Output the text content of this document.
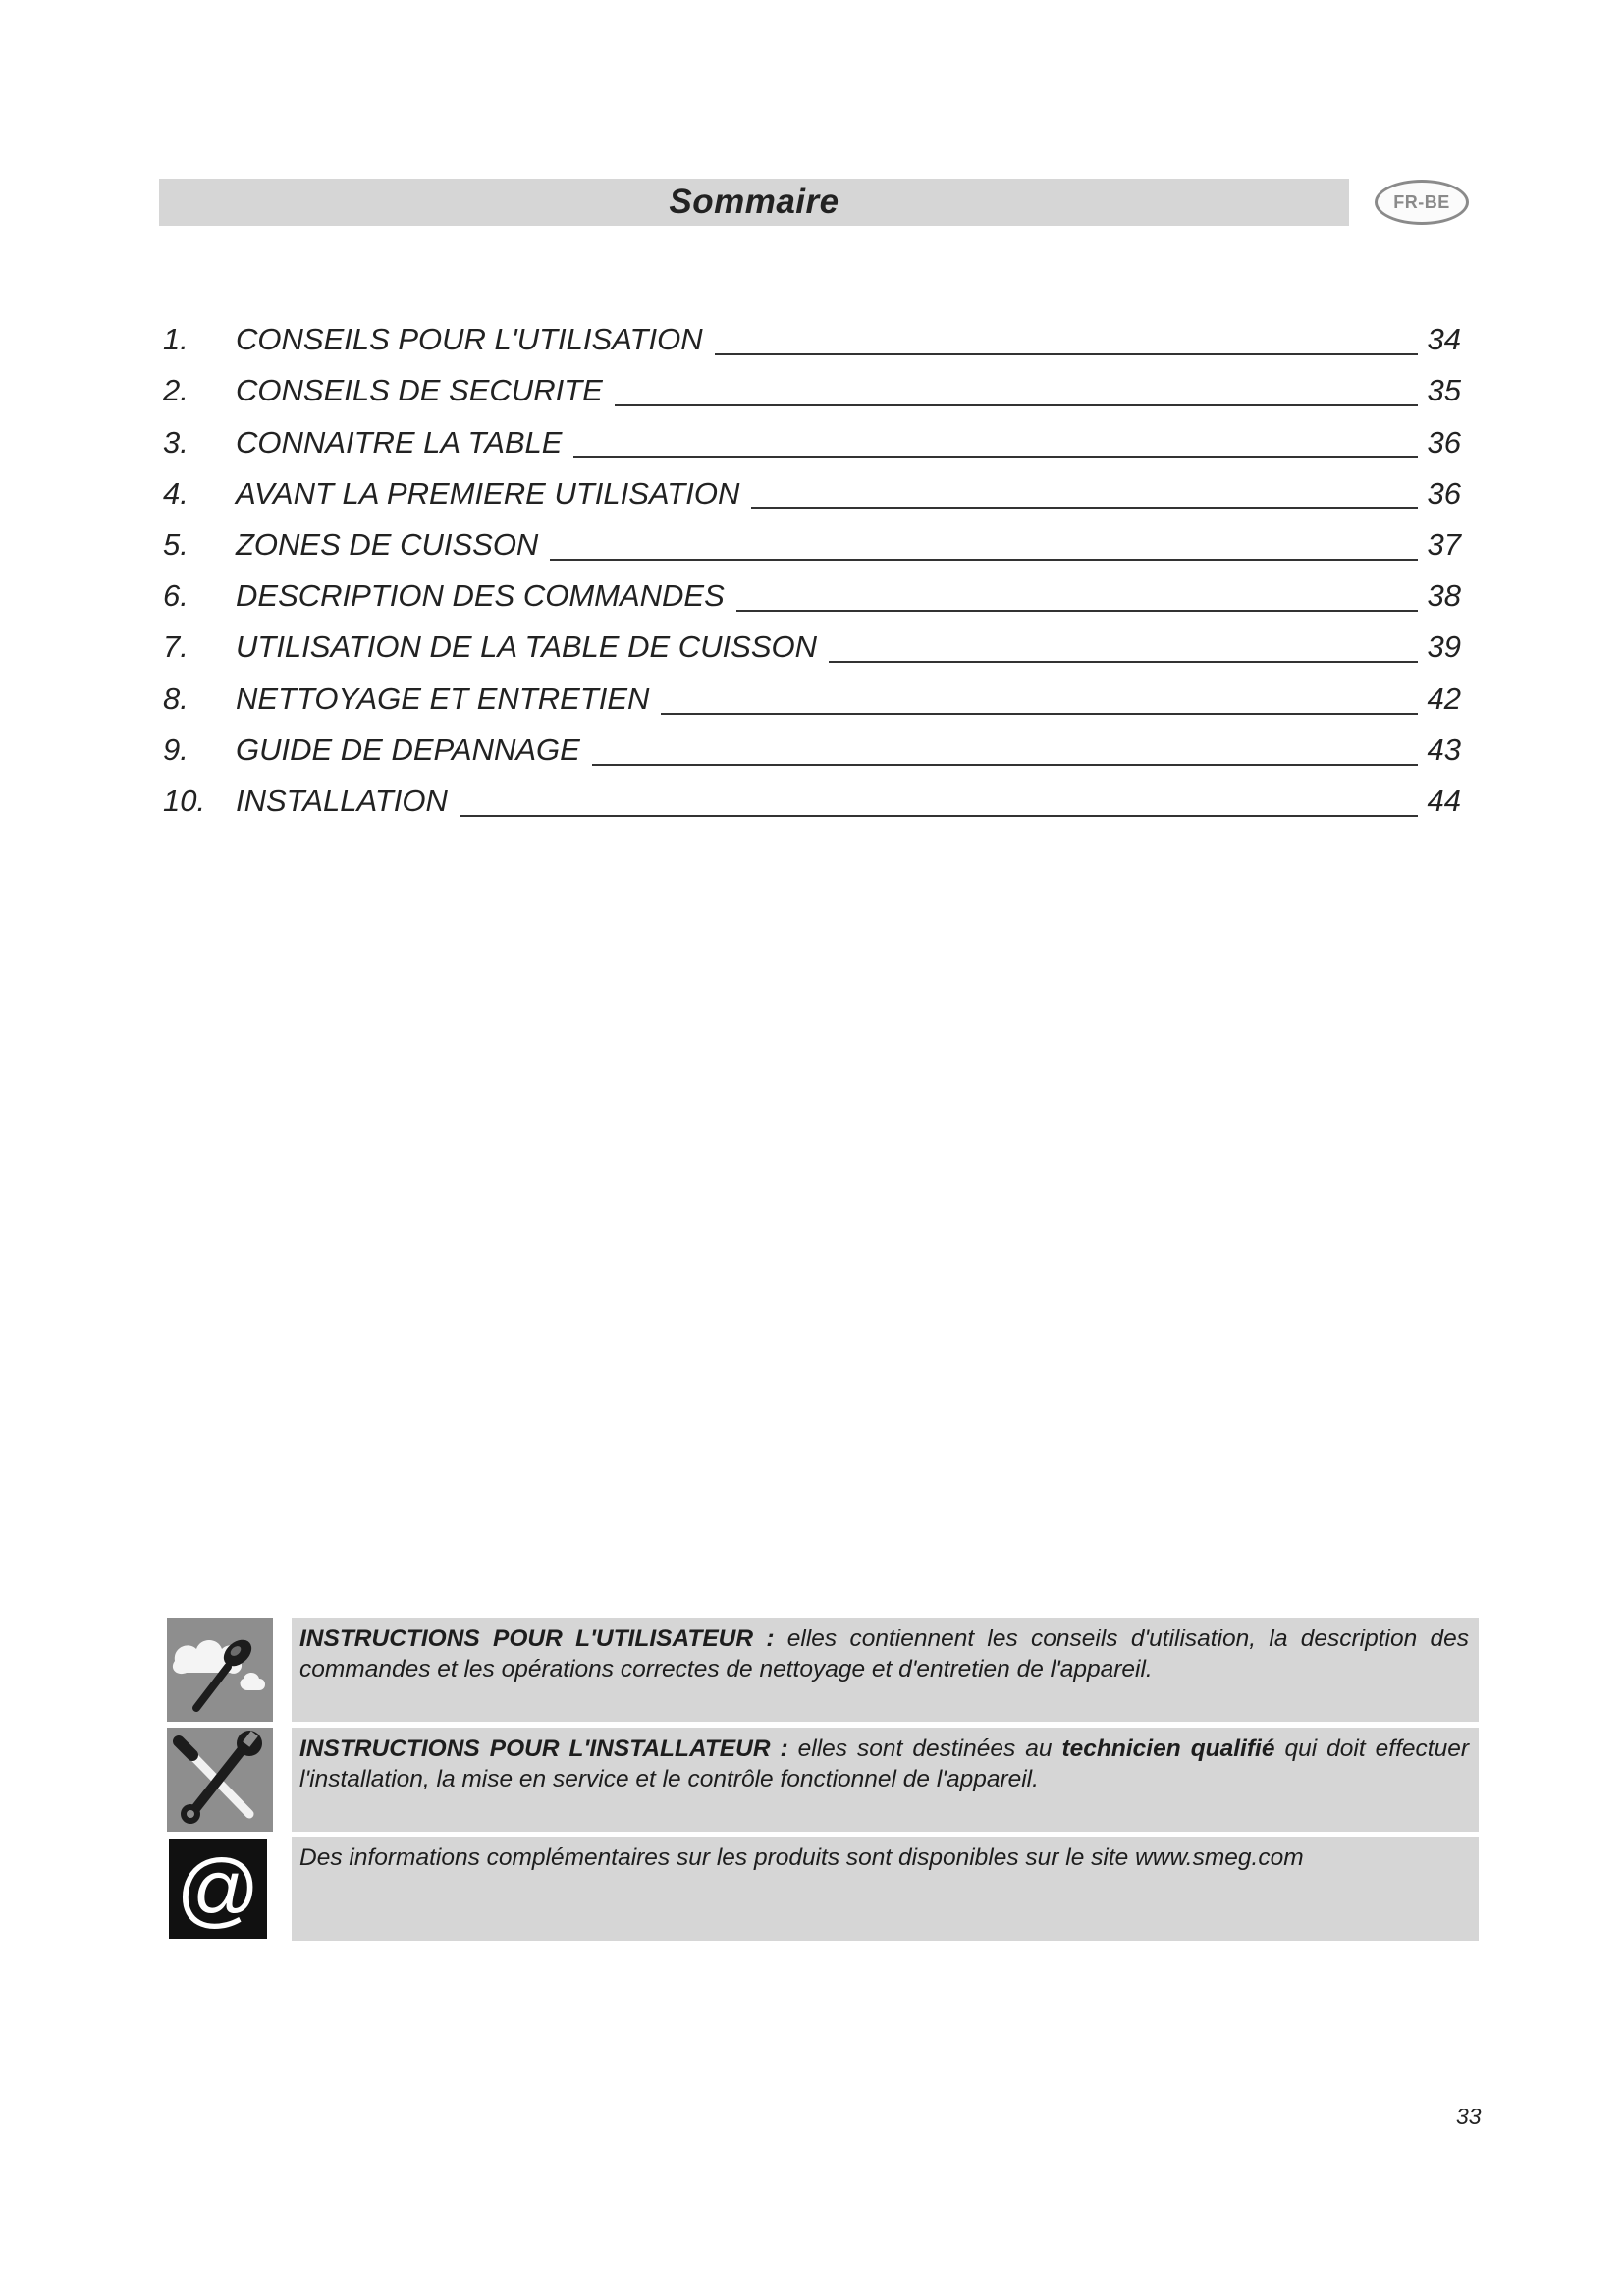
Sommaire	FR-BE
1.	CONSEILS POUR L'UTILISATION	34
2.	CONSEILS DE SECURITE	35
3.	CONNAITRE LA TABLE	36
4.	AVANT LA PREMIERE UTILISATION	36
5.	ZONES DE CUISSON	37
6.	DESCRIPTION DES COMMANDES	38
7.	UTILISATION DE LA TABLE DE CUISSON	39
8.	NETTOYAGE ET ENTRETIEN	42
9.	GUIDE DE DEPANNAGE	43
10. INSTALLATION	44
INSTRUCTIONS POUR L'UTILISATEUR : elles contiennent les conseils d'utilisation, la description des commandes et les opérations correctes de nettoyage et d'entretien de l'appareil.
INSTRUCTIONS POUR L'INSTALLATEUR : elles sont destinées au technicien qualifié qui doit effectuer l'installation, la mise en service et le contrôle fonctionnel de l'appareil.
@	Des informations complémentaires sur les produits sont disponibles sur le site www.smeg.com
33
